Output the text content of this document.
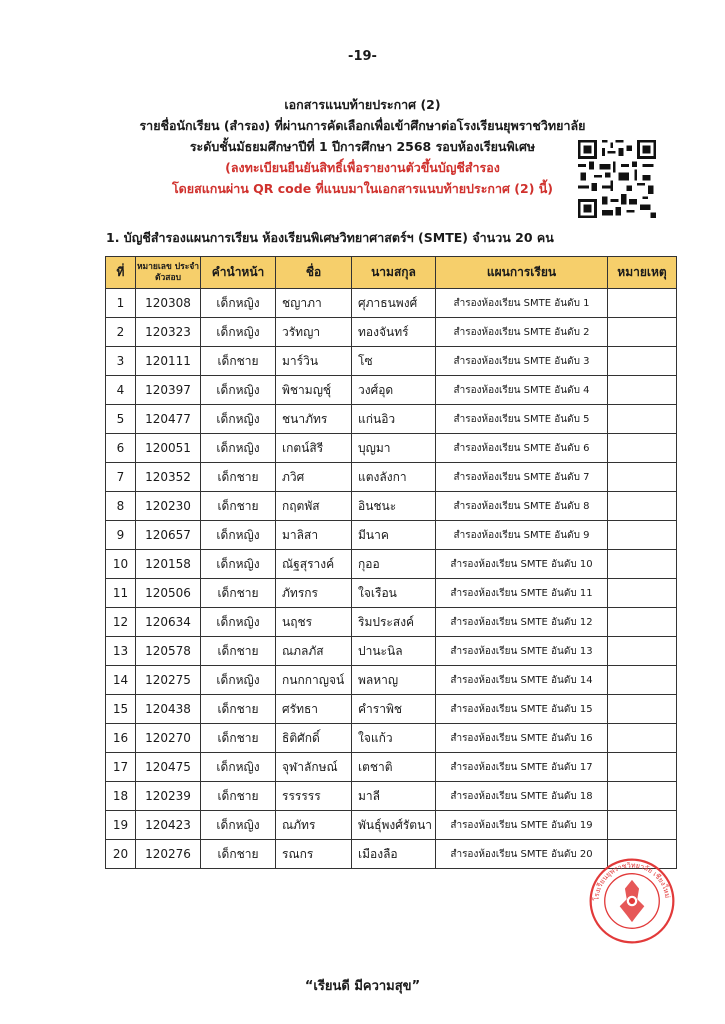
-19-
เอกสารแนบท้ายประกาศ (2)
รายชื่อนักเรียน (สำรอง) ที่ผ่านการคัดเลือกเพื่อเข้าศึกษาต่อโรงเรียนยุพราชวิทยาลัย
ระดับชั้นมัธยมศึกษาปีที่ 1 ปีการศึกษา 2568 รอบห้องเรียนพิเศษ
(ลงทะเบียนยืนยันสิทธิ์เพื่อรายงานตัวขึ้นบัญชีสำรอง
โดยสแกนผ่าน QR code ที่แนบมาในเอกสารแนบท้ายประกาศ (2) นี้)
1. บัญชีสำรองแผนการเรียน ห้องเรียนพิเศษวิทยาศาสตร์ฯ (SMTE) จำนวน 20 คน
ที่	หมายเลข ประจำตัวสอบ	คำนำหน้า	ชื่อ	นามสกุล	แผนการเรียน	หมายเหตุ
1	120308	เด็กหญิง	ชญาภา	ศุภาธนพงศ์	สำรองห้องเรียน SMTE อันดับ 1	
2	120323	เด็กหญิง	วรัทญา	ทองจันทร์	สำรองห้องเรียน SMTE อันดับ 2	
3	120111	เด็กชาย	มาร์วิน	โซ	สำรองห้องเรียน SMTE อันดับ 3	
4	120397	เด็กหญิง	พิชามญชุ์	วงศ์อุด	สำรองห้องเรียน SMTE อันดับ 4	
5	120477	เด็กหญิง	ชนาภัทร	แก่นอิว	สำรองห้องเรียน SMTE อันดับ 5	
6	120051	เด็กหญิง	เกตน์สิรี	บุญมา	สำรองห้องเรียน SMTE อันดับ 6	
7	120352	เด็กชาย	ภวิศ	แตงลังกา	สำรองห้องเรียน SMTE อันดับ 7	
8	120230	เด็กชาย	กฤตพัส	อินชนะ	สำรองห้องเรียน SMTE อันดับ 8	
9	120657	เด็กหญิง	มาลิสา	มีนาค	สำรองห้องเรียน SMTE อันดับ 9	
10	120158	เด็กหญิง	ณัฐสุรางค์	กุออ	สำรองห้องเรียน SMTE อันดับ 10	
11	120506	เด็กชาย	ภัทรกร	ใจเรือน	สำรองห้องเรียน SMTE อันดับ 11	
12	120634	เด็กหญิง	นฤชร	ริมประสงค์	สำรองห้องเรียน SMTE อันดับ 12	
13	120578	เด็กชาย	ณภลภัส	ปานะนิล	สำรองห้องเรียน SMTE อันดับ 13	
14	120275	เด็กหญิง	กนกกาญจน์	พลหาญ	สำรองห้องเรียน SMTE อันดับ 14	
15	120438	เด็กชาย	ศรัทธา	คำราพิช	สำรองห้องเรียน SMTE อันดับ 15	
16	120270	เด็กชาย	ธิติศักดิ์	ใจแก้ว	สำรองห้องเรียน SMTE อันดับ 16	
17	120475	เด็กหญิง	จุฬาลักษณ์	เตชาติ	สำรองห้องเรียน SMTE อันดับ 17	
18	120239	เด็กชาย	รรรรรร	มาลี	สำรองห้องเรียน SMTE อันดับ 18	
19	120423	เด็กหญิง	ณภัทร	พันธุ์พงศ์รัตนา	สำรองห้องเรียน SMTE อันดับ 19	
20	120276	เด็กชาย	รณกร	เมืองลือ	สำรองห้องเรียน SMTE อันดับ 20	
โรงเรียนยุพราชวิทยาลัย เชียงใหม่
“เรียนดี มีความสุข”
